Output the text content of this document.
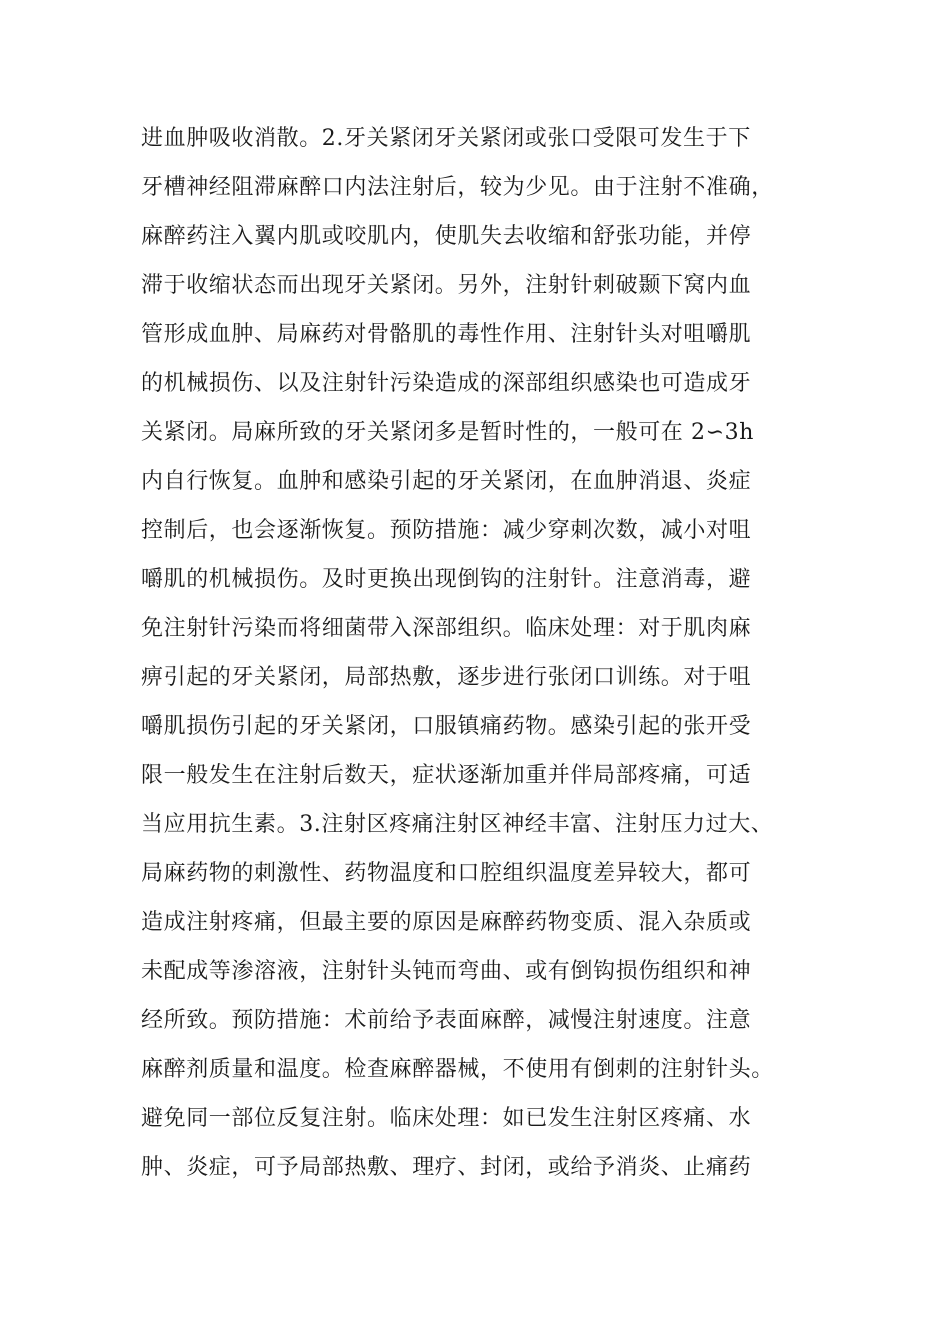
进血肿吸收消散。2.牙关紧闭牙关紧闭或张口受限可发生于下
牙槽神经阻滞麻醉口内法注射后，较为少见。由于注射不准确，
麻醉药注入翼内肌或咬肌内，使肌失去收缩和舒张功能，并停
滞于收缩状态而出现牙关紧闭。另外，注射针刺破颞下窝内血
管形成血肿、局麻药对骨骼肌的毒性作用、注射针头对咀嚼肌
的机械损伤、以及注射针污染造成的深部组织感染也可造成牙
关紧闭。局麻所致的牙关紧闭多是暂时性的，一般可在 2∽3h
内自行恢复。血肿和感染引起的牙关紧闭，在血肿消退、炎症
控制后，也会逐渐恢复。预防措施：减少穿刺次数，减小对咀
嚼肌的机械损伤。及时更换出现倒钩的注射针。注意消毒，避
免注射针污染而将细菌带入深部组织。临床处理：对于肌肉麻
痹引起的牙关紧闭，局部热敷，逐步进行张闭口训练。对于咀
嚼肌损伤引起的牙关紧闭，口服镇痛药物。感染引起的张开受
限一般发生在注射后数天，症状逐渐加重并伴局部疼痛，可适
当应用抗生素。3.注射区疼痛注射区神经丰富、注射压力过大、
局麻药物的刺激性、药物温度和口腔组织温度差异较大，都可
造成注射疼痛，但最主要的原因是麻醉药物变质、混入杂质或
未配成等渗溶液，注射针头钝而弯曲、或有倒钩损伤组织和神
经所致。预防措施：术前给予表面麻醉，减慢注射速度。注意
麻醉剂质量和温度。检查麻醉器械，不使用有倒刺的注射针头。
避免同一部位反复注射。临床处理：如已发生注射区疼痛、水
肿、炎症，可予局部热敷、理疗、封闭，或给予消炎、止痛药
